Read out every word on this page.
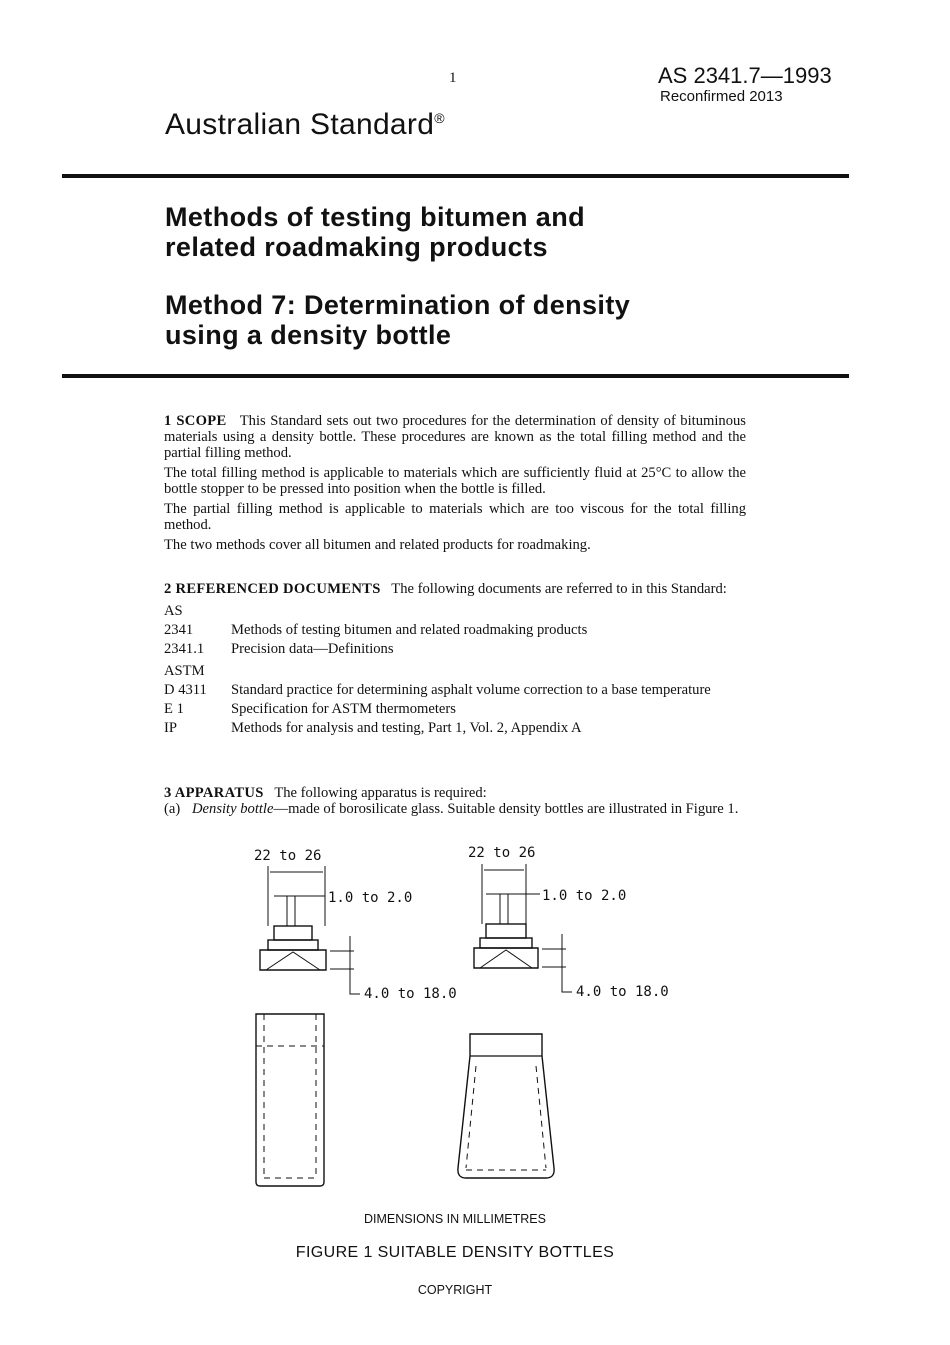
1	AS 2341.7—1993
Reconfirmed 2013
Australian Standard®
Methods of testing bitumen and
related roadmaking products
Method 7: Determination of density
using a density bottle

1 SCOPE This Standard sets out two procedures for the determination of density of bituminous materials using a density bottle. These procedures are known as the total filling method and the partial filling method.

The total filling method is applicable to materials which are sufficiently fluid at 25°C to allow the bottle stopper to be pressed into position when the bottle is filled.

The partial filling method is applicable to materials which are too viscous for the total filling method.

The two methods cover all bitumen and related products for roadmaking.

2 REFERENCED DOCUMENTS The following documents are referred to in this Standard:

AS
2341	Methods of testing bitumen and related roadmaking products
2341.1	Precision data—Definitions
ASTM
D 4311	Standard practice for determining asphalt volume correction to a base temperature
E 1	Specification for ASTM thermometers
IP	Methods for analysis and testing, Part 1, Vol. 2, Appendix A

3 APPARATUS The following apparatus is required:

(a) Density bottle—made of borosilicate glass. Suitable density bottles are illustrated in Figure 1.
22 to 26
1.0 to 2.0
4.0 to 18.0
22 to 26
1.0 to 2.0
4.0 to 18.0
DIMENSIONS IN MILLIMETRES
FIGURE 1 SUITABLE DENSITY BOTTLES
COPYRIGHT
